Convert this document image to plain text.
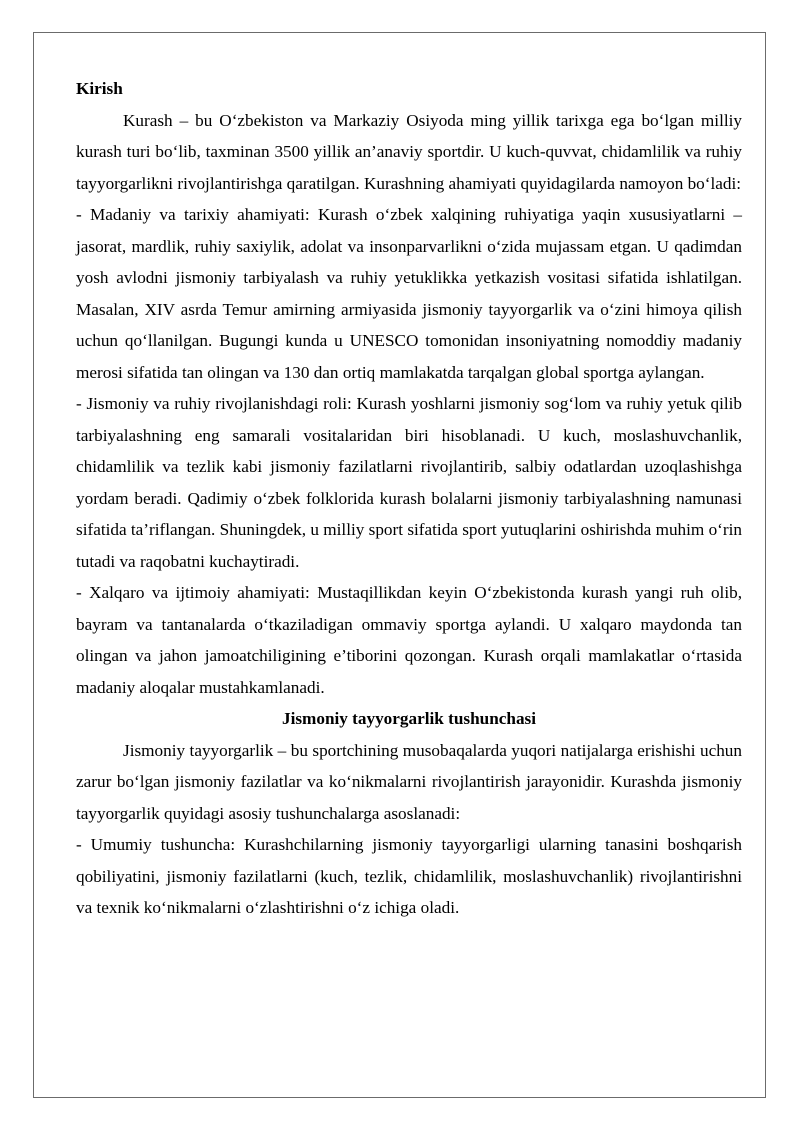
Kirish

Kurash – bu O‘zbekiston va Markaziy Osiyoda ming yillik tarixga ega bo‘lgan milliy kurash turi bo‘lib, taxminan 3500 yillik an’anaviy sportdir. U kuch-quvvat, chidamlilik va ruhiy tayyorgarlikni rivojlantirishga qaratilgan. Kurashning ahamiyati quyidagilarda namoyon bo‘ladi:

- Madaniy va tarixiy ahamiyati: Kurash o‘zbek xalqining ruhiyatiga yaqin xususiyatlarni – jasorat, mardlik, ruhiy saxiylik, adolat va insonparvarlikni o‘zida mujassam etgan. U qadimdan yosh avlodni jismoniy tarbiyalash va ruhiy yetuklikka yetkazish vositasi sifatida ishlatilgan. Masalan, XIV asrda Temur amirning armiyasida jismoniy tayyorgarlik va o‘zini himoya qilish uchun qo‘llanilgan. Bugungi kunda u UNESCO tomonidan insoniyatning nomoddiy madaniy merosi sifatida tan olingan va 130 dan ortiq mamlakatda tarqalgan global sportga aylangan.

- Jismoniy va ruhiy rivojlanishdagi roli: Kurash yoshlarni jismoniy sog‘lom va ruhiy yetuk qilib tarbiyalashning eng samarali vositalaridan biri hisoblanadi. U kuch, moslashuvchanlik, chidamlilik va tezlik kabi jismoniy fazilatlarni rivojlantirib, salbiy odatlardan uzoqlashishga yordam beradi. Qadimiy o‘zbek folklorida kurash bolalarni jismoniy tarbiyalashning namunasi sifatida ta’riflangan. Shuningdek, u milliy sport sifatida sport yutuqlarini oshirishda muhim o‘rin tutadi va raqobatni kuchaytiradi.

- Xalqaro va ijtimoiy ahamiyati: Mustaqillikdan keyin O‘zbekistonda kurash yangi ruh olib, bayram va tantanalarda o‘tkaziladigan ommaviy sportga aylandi. U xalqaro maydonda tan olingan va jahon jamoatchiligining e’tiborini qozongan. Kurash orqali mamlakatlar o‘rtasida madaniy aloqalar mustahkamlanadi.

Jismoniy tayyorgarlik tushunchasi

Jismoniy tayyorgarlik – bu sportchining musobaqalarda yuqori natijalarga erishishi uchun zarur bo‘lgan jismoniy fazilatlar va ko‘nikmalarni rivojlantirish jarayonidir. Kurashda jismoniy tayyorgarlik quyidagi asosiy tushunchalarga asoslanadi:

- Umumiy tushuncha: Kurashchilarning jismoniy tayyorgarligi ularning tanasini boshqarish qobiliyatini, jismoniy fazilatlarni (kuch, tezlik, chidamlilik, moslashuvchanlik) rivojlantirishni va texnik ko‘nikmalarni o‘zlashtirishni o‘z ichiga oladi.
